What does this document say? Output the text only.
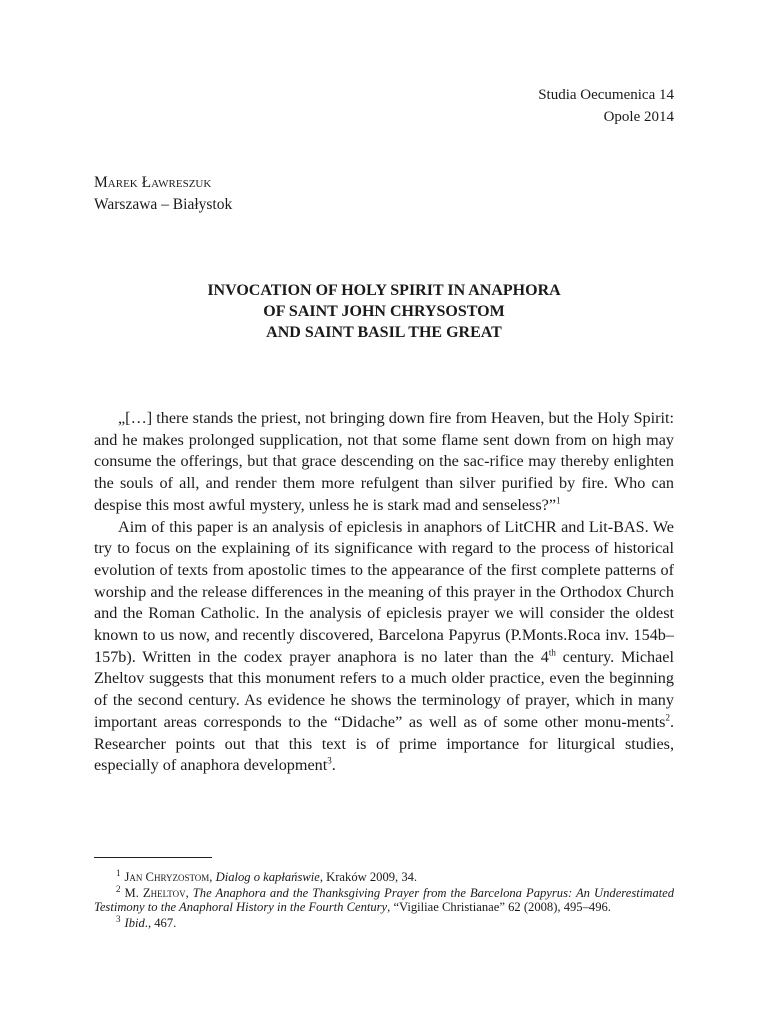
Studia Oecumenica 14
Opole 2014
Marek Ławreszuk
Warszawa – Białystok
INVOCATION OF HOLY SPIRIT IN ANAPHORA
OF SAINT JOHN CHRYSOSTOM
AND SAINT BASIL THE GREAT

„[…] there stands the priest, not bringing down fire from Heaven, but the Holy Spirit: and he makes prolonged supplication, not that some flame sent down from on high may consume the offerings, but that grace descending on the sac-rifice may thereby enlighten the souls of all, and render them more refulgent than silver purified by fire. Who can despise this most awful mystery, unless he is stark mad and senseless?”$^1$

Aim of this paper is an analysis of epiclesis in anaphors of LitCHR and Lit-BAS. We try to focus on the explaining of its significance with regard to the process of historical evolution of texts from apostolic times to the appearance of the first complete patterns of worship and the release differences in the meaning of this prayer in the Orthodox Church and the Roman Catholic. In the analysis of epiclesis prayer we will consider the oldest known to us now, and recently discovered, Barcelona Papyrus (P.Monts.Roca inv. 154b–157b). Written in the codex prayer anaphora is no later than the 4th century. Michael Zheltov suggests that this monument refers to a much older practice, even the beginning of the second century. As evidence he shows the terminology of prayer, which in many important areas corresponds to the “Didache” as well as of some other monu-ments$^2$. Researcher points out that this text is of prime importance for liturgical studies, especially of anaphora development$^3$.

$^1$ Jan Chryzostom, Dialog o kapłańswie, Kraków 2009, 34.

$^2$ M. Zheltov, The Anaphora and the Thanksgiving Prayer from the Barcelona Papyrus: An Underestimated Testimony to the Anaphoral History in the Fourth Century, “Vigiliae Christianae” 62 (2008), 495–496.

$^3$ Ibid., 467.
